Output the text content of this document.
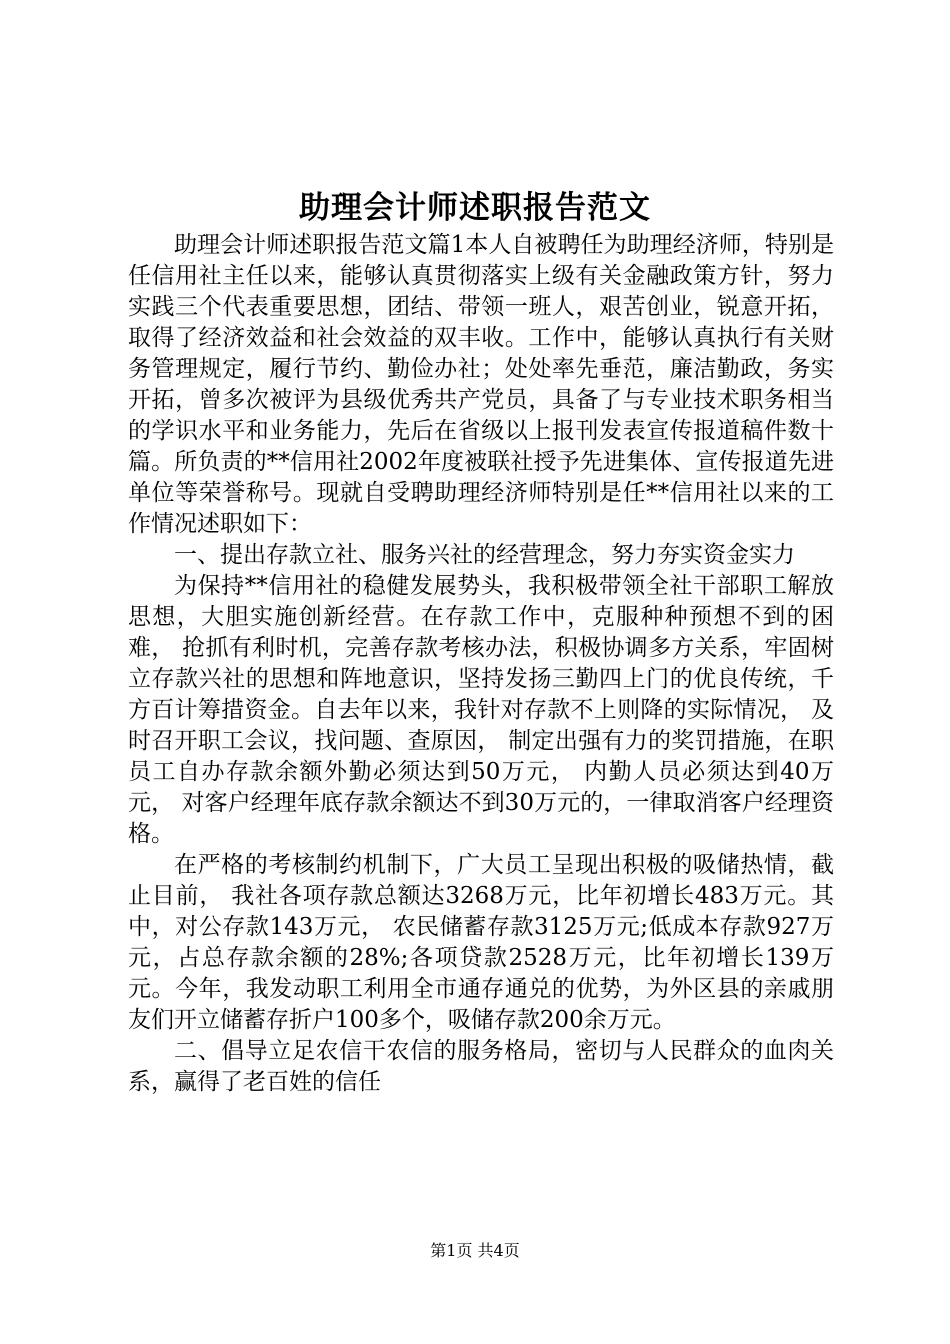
助理会计师述职报告范文

助理会计师述职报告范文篇1本人自被聘任为助理经济师，特别是任信用社主任以来，能够认真贯彻落实上级有关金融政策方针，努力实践三个代表重要思想，团结、带领一班人，艰苦创业，锐意开拓，取得了经济效益和社会效益的双丰收。工作中，能够认真执行有关财务管理规定，履行节约、勤俭办社；处处率先垂范，廉洁勤政，务实开拓，曾多次被评为县级优秀共产党员，具备了与专业技术职务相当的学识水平和业务能力，先后在省级以上报刊发表宣传报道稿件数十篇。所负责的**信用社2002年度被联社授予先进集体、宣传报道先进单位等荣誉称号。现就自受聘助理经济师特别是任**信用社以来的工作情况述职如下：

一、提出存款立社、服务兴社的经营理念，努力夯实资金实力

为保持**信用社的稳健发展势头，我积极带领全社干部职工解放思想，大胆实施创新经营。在存款工作中，克服种种预想不到的困难， 抢抓有利时机，完善存款考核办法，积极协调多方关系，牢固树立存款兴社的思想和阵地意识，坚持发扬三勤四上门的优良传统，千方百计筹措资金。自去年以来，我针对存款不上则降的实际情况， 及时召开职工会议，找问题、查原因， 制定出强有力的奖罚措施，在职员工自办存款余额外勤必须达到50万元， 内勤人员必须达到40万元， 对客户经理年底存款余额达不到30万元的，一律取消客户经理资格。

在严格的考核制约机制下，广大员工呈现出积极的吸储热情，截止目前， 我社各项存款总额达3268万元，比年初增长483万元。其中，对公存款143万元， 农民储蓄存款3125万元;低成本存款927万元，占总存款余额的28%;各项贷款2528万元，比年初增长139万元。今年，我发动职工利用全市通存通兑的优势，为外区县的亲戚朋友们开立储蓄存折户100多个，吸储存款200余万元。

二、倡导立足农信干农信的服务格局，密切与人民群众的血肉关系，赢得了老百姓的信任

第1页 共4页
